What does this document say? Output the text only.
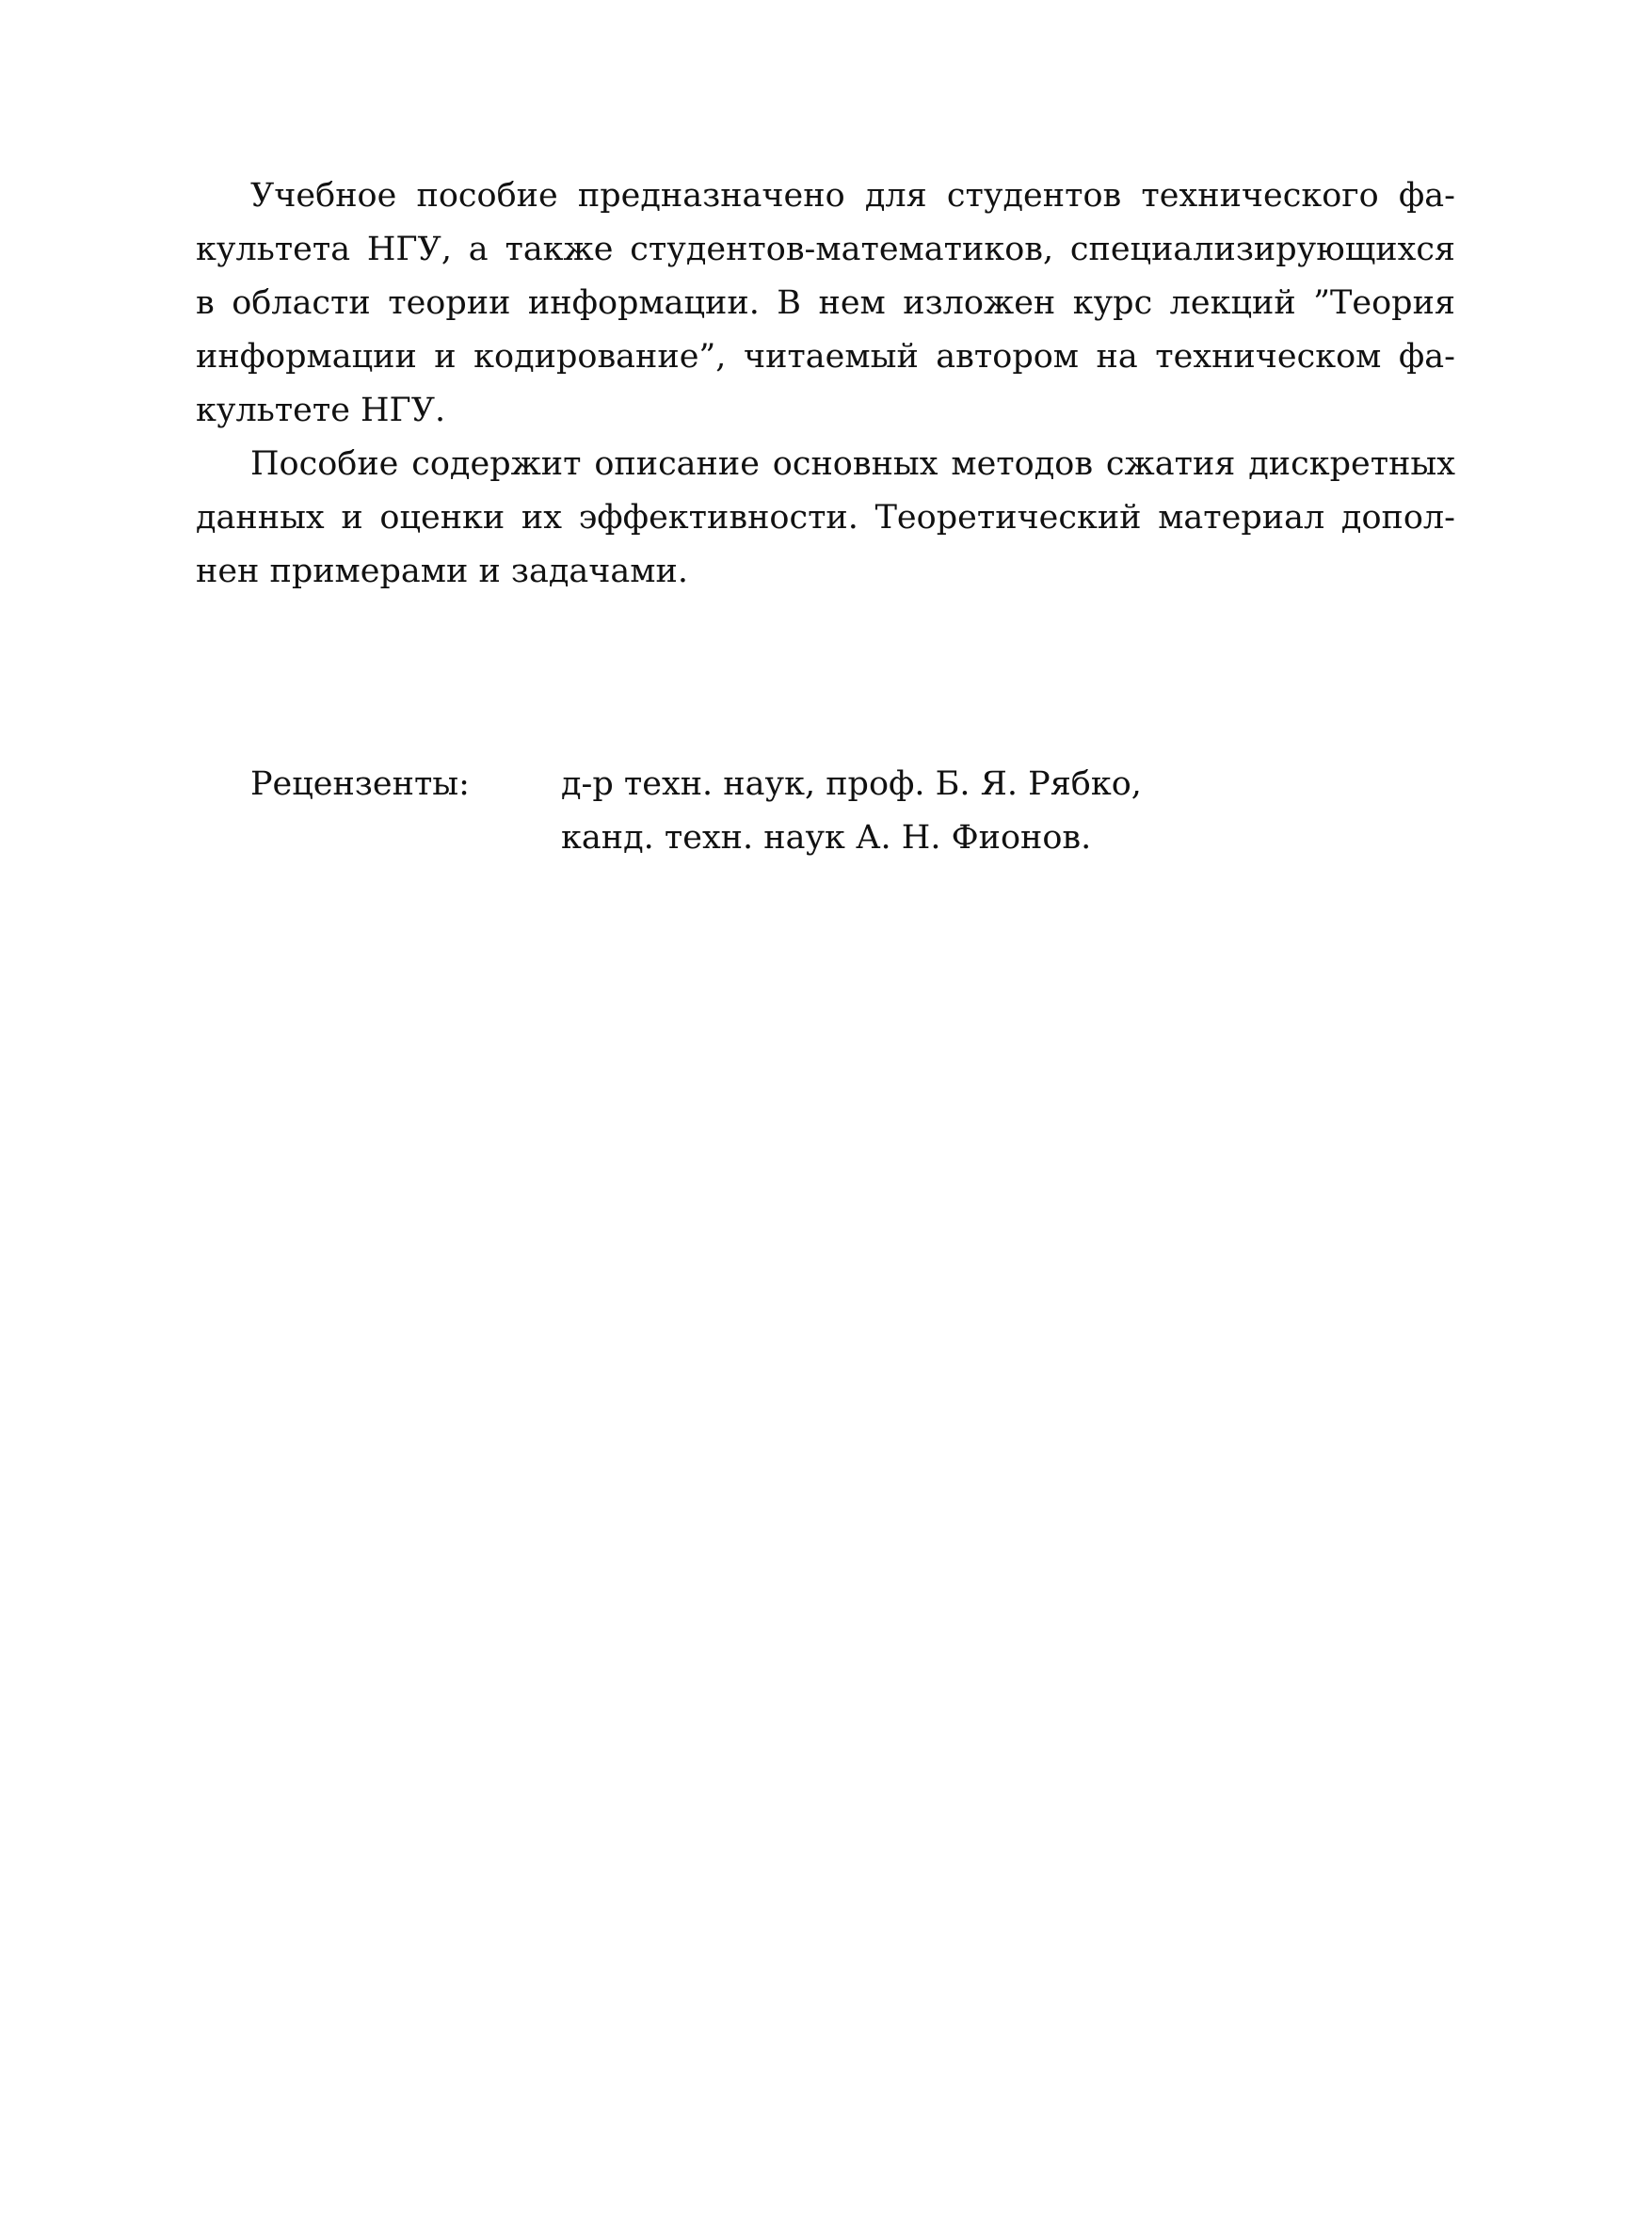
Учебное пособие предназначено для студентов технического фа-
культета НГУ, а также студентов-математиков, специализирующихся
в области теории информации. В нем изложен курс лекций ”Теория
информации и кодирование”, читаемый автором на техническом фа-
культете НГУ.
Пособие содержит описание основных методов сжатия дискретных
данных и оценки их эффективности. Теоретический материал допол-
нен примерами и задачами.
Рецензенты:	д-р техн. наук, проф. Б. Я. Рябко,
канд. техн. наук А. Н. Фионов.
